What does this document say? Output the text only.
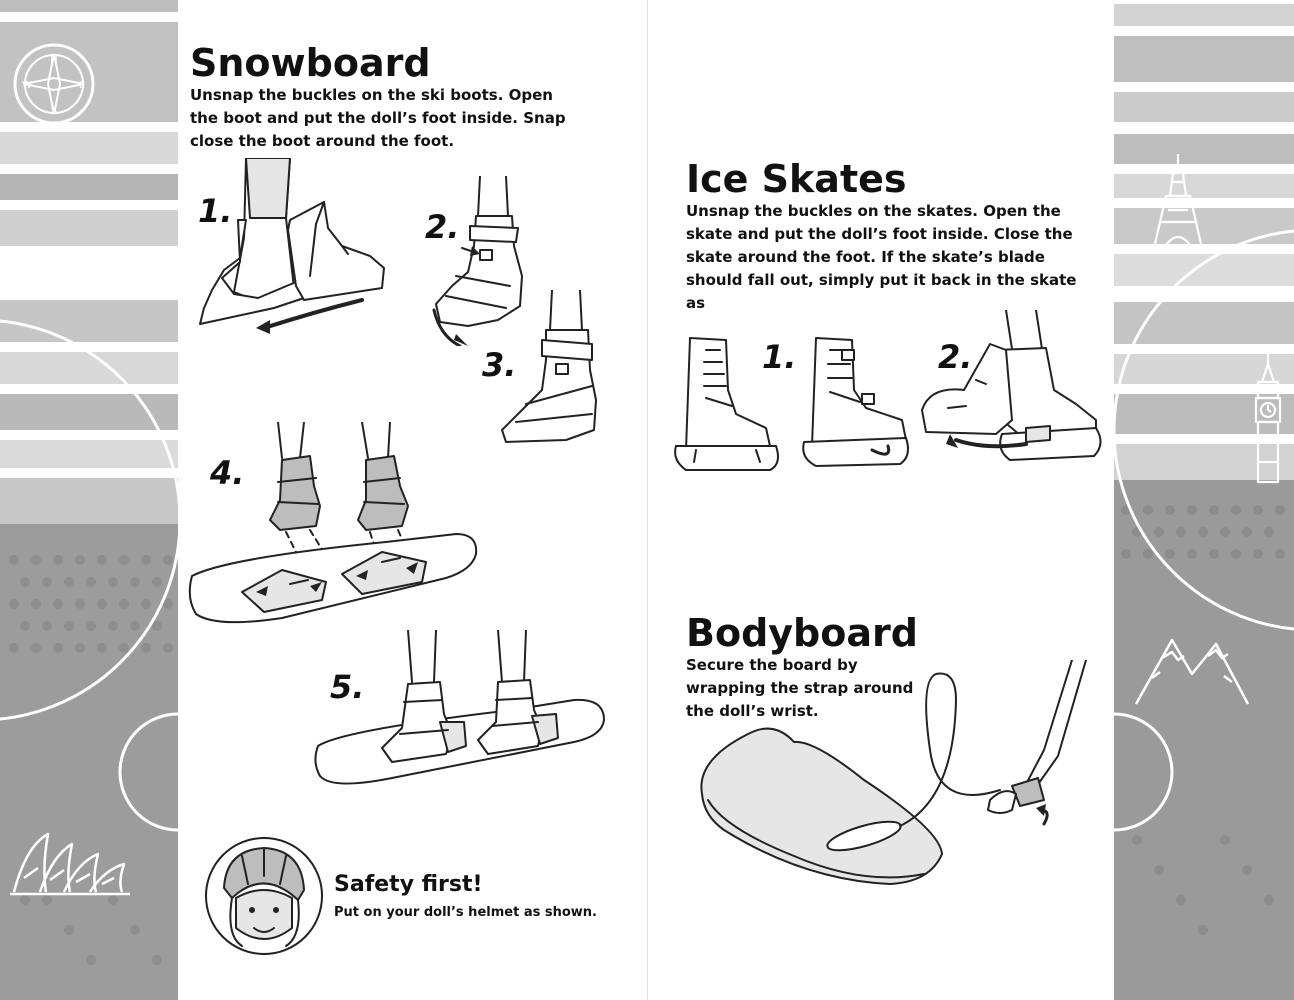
N
S
E
W
Snowboard
Unsnap the buckles on the ski boots. Open the boot and put the doll’s foot inside. Snap close the boot around the foot.
1.	2.
3.
4.
5.
Safety first!
Put on your doll’s helmet as shown.
Ice Skates
Unsnap the buckles on the skates. Open the skate and put the doll’s foot inside. Close the skate around the foot. If the skate’s blade should fall out, simply put it back in the skate as
1.	2.
Bodyboard
Secure the board by wrapping the strap around the doll’s wrist.
